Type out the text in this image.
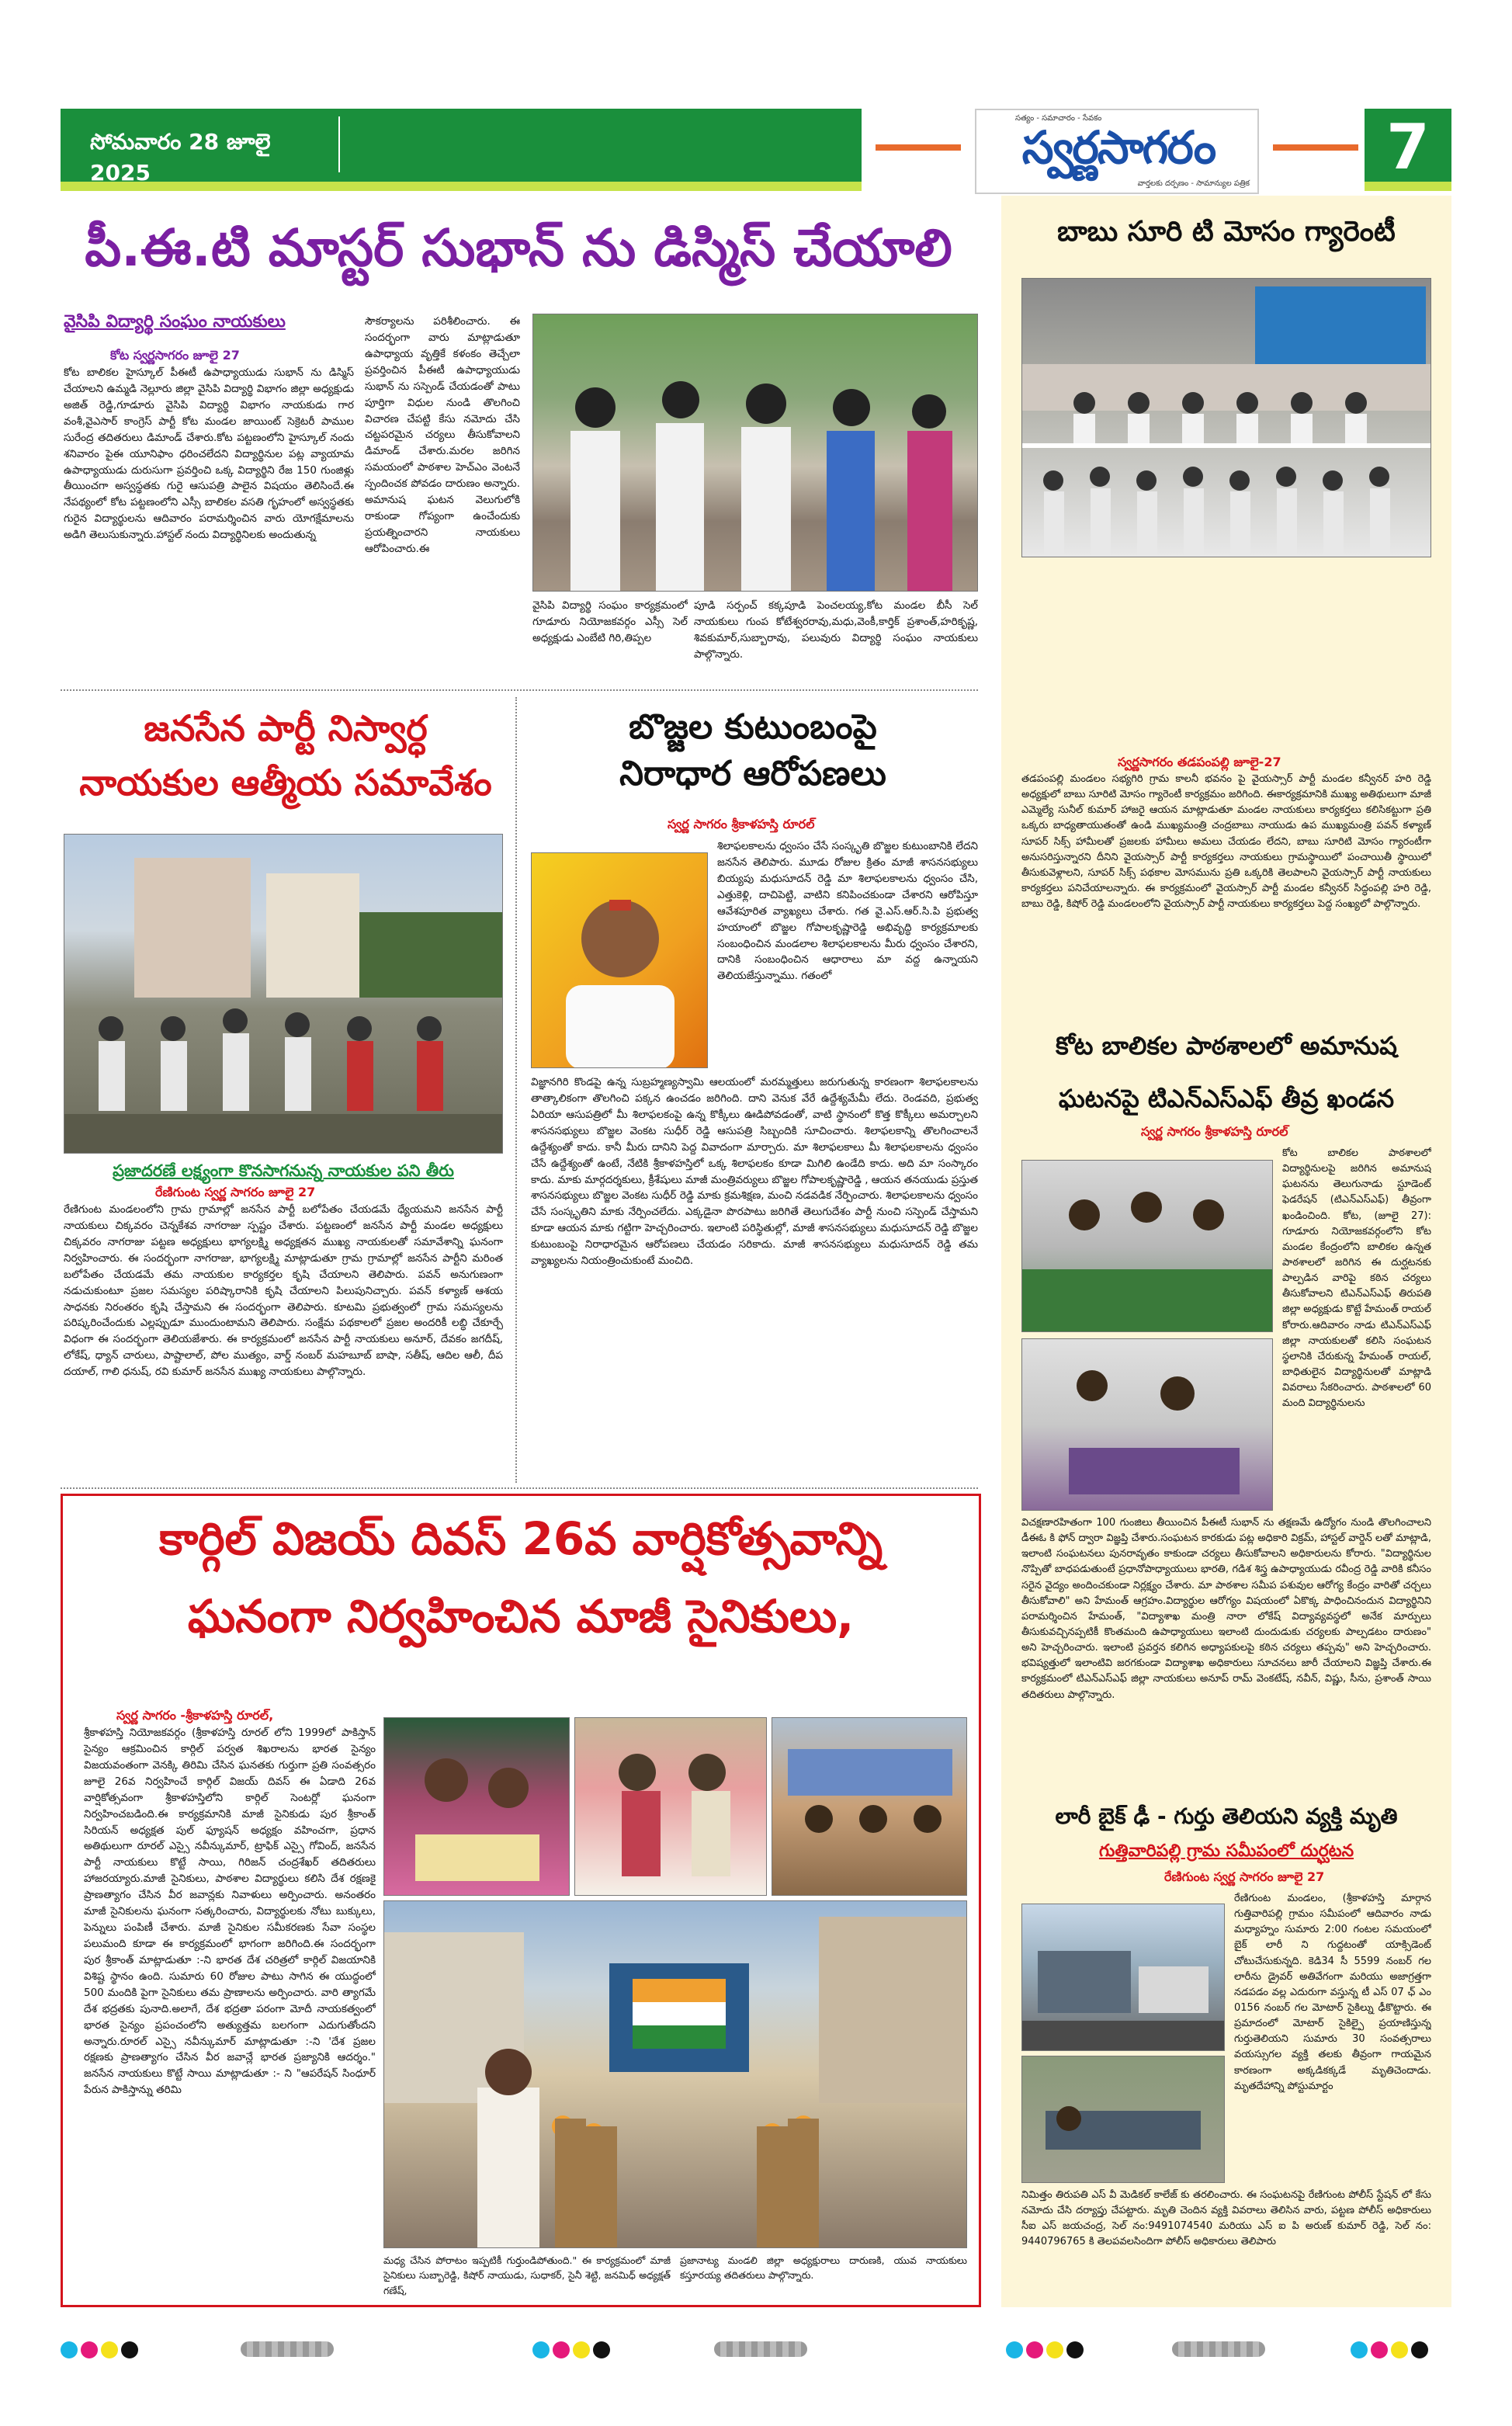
సోమవారం 28 జూలై 2025
సత్యం - సమాచారం - సేవకం
స్వర్ణసాగరం
వార్తలకు దర్పణం - సామాన్యుల పత్రిక
7
పీ.ఈ.టి మాస్టర్ సుభాన్ ను డిస్మిస్ చేయాలి
వైసిపి విద్యార్థి సంఘం నాయకులు
కోట స్వర్ణసాగరం జూలై 27
కోట బాలికల హైస్కూల్ పీఈటీ ఉపాధ్యాయుడు సుభాన్ ను డిస్మిస్ చేయాలని ఉమ్మడి నెల్లూరు జిల్లా వైసిపి విద్యార్థి విభాగం జిల్లా అధ్యక్షుడు అజిత్ రెడ్డి,గూడూరు వైసిపి విద్యార్థి విభాగం నాయకుడు గార వంశీ,వైఎసార్ కాంగ్రెస్ పార్టీ కోట మండల జాయింట్ సెక్రెటరీ పాముల సురేంద్ర తదితరులు డిమాండ్ చేశారు.కోట పట్టణంలోని హైస్కూల్ నందు శనివారం పైఈ యూనిఫాం ధరించలేదని విద్యార్థినుల పట్ల వ్యాయామ ఉపాధ్యాయుడు దురుసుగా ప్రవర్తించి ఒక్క విద్యార్థిని రేజ 150 గుంజిళ్లు తీయించగా అస్వస్థతకు గురై ఆసుపత్రి పాలైన విషయం తెలిసిందే.ఈ నేపథ్యంలో కోట పట్టణంలోని ఎస్సీ బాలికల వసతి గృహంలో అస్వస్థతకు గురైన విద్యార్థులను ఆదివారం పరామర్శించిన వారు యోగక్షేమాలను అడిగి తెలుసుకున్నారు.హాస్టల్ నందు విద్యార్థినిలకు అందుతున్న
సౌకర్యాలను పరిశీలించారు. ఈ సందర్భంగా వారు మాట్లాడుతూ ఉపాధ్యాయ వృత్తికే కళంకం తెచ్చేలా ప్రవర్తించిన పీఈటీ ఉపాధ్యాయుడు సుభాన్ ను సస్పెండ్ చేయడంతో పాటు పూర్తిగా విధుల నుండి తొలగించి విచారణ చేపట్టి కేసు నమోదు చేసి చట్టపరమైన చర్యలు తీసుకోవాలని డిమాండ్ చేశారు.మరల జరిగిన సమయంలో పాఠశాల హెచ్ఎం వెంటనే స్పందించక పోవడం దారుణం అన్నారు. అమానుష ఘటన వెలుగులోకి రాకుండా గోప్యంగా ఉంచేందుకు ప్రయత్నించారని నాయకులు ఆరోపించారు.ఈ
వైసిపి విద్యార్థి సంఘం కార్యక్రమంలో గూడూరు నియోజకవర్గం ఎస్సీ సెల్ అధ్యక్షుడు ఎంబేటి గిరి,తిప్పల
పూడి సర్పంచ్ కక్కపూడి పెంచలయ్య,కోట మండల బీసీ సెల్ నాయకులు గుంప కోటేశ్వరరావు,మధు,వెంకీ,కార్తిక్ ప్రశాంత్,హరికృష్ణ, శివకుమార్,సుబ్బారావు, పలువురు విద్యార్థి సంఘం నాయకులు పాల్గొన్నారు.
జనసేన పార్టీ నిస్వార్ధ
నాయకుల ఆత్మీయ సమావేశం
ప్రజాదరణే లక్ష్యంగా కొనసాగనున్న నాయకుల పని తీరు
రేణిగుంట స్వర్ణ సాగరం జూలై 27
రేణిగుంట మండలంలోని గ్రామ గ్రామాల్లో జనసేన పార్టీ బలోపేతం చేయడమే ధ్యేయమని జనసేన పార్టీ నాయకులు చిక్కవరం చెన్నకేశవ నాగరాజు స్పష్టం చేశారు. పట్టణంలో జనసేన పార్టీ మండల అధ్యక్షులు చిక్కవరం నాగరాజు పట్టణ అధ్యక్షులు భాగ్యలక్ష్మి అధ్యక్షతన ముఖ్య నాయకులతో సమావేశాన్ని ఘనంగా నిర్వహించారు. ఈ సందర్భంగా నాగరాజు, భాగ్యలక్ష్మి మాట్లాడుతూ గ్రామ గ్రామాల్లో జనసేన పార్టీని మరింత బలోపేతం చేయడమే తమ నాయకుల కార్యకర్తల కృషి చేయాలని తెలిపారు. పవన్ అనుగుణంగా నడుచుకుంటూ ప్రజల సమస్యల పరిష్కారానికి కృషి చేయాలని పిలుపునిచ్చారు. పవన్ కళ్యాణ్ ఆశయ సాధనకు నిరంతరం కృషి చేస్తామని ఈ సందర్భంగా తెలిపారు. కూటమి ప్రభుత్వంలో గ్రామ సమస్యలను పరిష్కరించేందుకు ఎల్లప్పుడూ ముందుంటామని తెలిపారు. సంక్షేమ పథకాలలో ప్రజల అందరికీ లబ్ధి చేకూర్చే విధంగా ఈ సందర్భంగా తెలియజేశారు. ఈ కార్యక్రమంలో జనసేన పార్టీ నాయకులు అనూర్, దేవకం జగదీష్, లోకేష్, ధ్యాన్ చారులు, పాష్టాలాల్, పోల ముత్యం, వార్డ్ నంబర్ మహబూబ్ బాషా, సతీష్, ఆదిల ఆలీ, దీప దయాల్, గాలి ధనుష్, రవి కుమార్ జనసేన ముఖ్య నాయకులు పాల్గొన్నారు.
బొజ్జల కుటుంబంపై
నిరాధార ఆరోపణలు
స్వర్ణ సాగరం శ్రీకాళహస్తి రూరల్
శిలాఫలకాలను ధ్వంసం చేసే సంస్కృతి బొజ్జల కుటుంబానికి లేదని జనసేన తెలిపారు. మూడు రోజుల క్రితం మాజీ శాసనసభ్యులు బియ్యపు మధుసూదన్ రెడ్డి మా శిలాఫలకాలను ధ్వంసం చేసి, ఎత్తుకెళ్లి, దాచిపెట్టి, వాటిని కనిపించకుండా చేశారని ఆరోపిస్తూ ఆవేశపూరిత వ్యాఖ్యలు చేశారు. గత వై.ఎస్.ఆర్.సి.పి ప్రభుత్వ హయాంలో బొజ్జల గోపాలకృష్ణారెడ్డి అభివృద్ధి కార్యక్రమాలకు సంబంధించిన మండలాల శిలాఫలకాలను మీరు ధ్వంసం చేశారని, దానికి సంబంధించిన ఆధారాలు మా వద్ద ఉన్నాయని తెలియజేస్తున్నాము. గతంలో
విజ్ఞానగిరి కొండపై ఉన్న సుబ్రహ్మణ్యస్వామి ఆలయంలో మరమ్మత్తులు జరుగుతున్న కారణంగా శిలాఫలకాలను తాత్కాలికంగా తొలగించి పక్కన ఉంచడం జరిగింది. దాని వెనుక వేరే ఉద్దేశ్యమేమీ లేదు. రెండవది, ప్రభుత్వ ఏరియా ఆసుపత్రిలో మీ శిలాఫలకంపై ఉన్న కొక్కీలు ఊడిపోవడంతో, వాటి స్థానంలో కొత్త కొక్కీలు అమర్చాలని శాసనసభ్యులు బొజ్జల వెంకట సుధీర్ రెడ్డి ఆసుపత్రి సిబ్బందికి సూచించారు. శిలాఫలకాన్ని తొలగించాలనే ఉద్దేశ్యంతో కాదు. కానీ మీరు దానిని పెద్ద వివాదంగా మార్చారు. మా శిలాఫలకాలు మీ శిలాఫలకాలను ధ్వంసం చేసే ఉద్దేశ్యంతో ఉంటే, నేటికి శ్రీకాళహస్తిలో ఒక్క శిలాఫలకం కూడా మిగిలి ఉండేది కాదు. అది మా సంస్కారం కాదు. మాకు మార్గదర్శకులు, క్రీశేషులు మాజీ మంత్రివర్యులు బొజ్జల గోపాలకృష్ణారెడ్డి , ఆయన తనయుడు ప్రస్తుత శాసనసభ్యులు బొజ్జల వెంకట సుధీర్ రెడ్డి మాకు క్రమశిక్షణ, మంచి నడవడిక నేర్పించారు. శిలాఫలకాలను ధ్వంసం చేసే సంస్కృతిని మాకు నేర్పించలేదు. ఎక్కడైనా పొరపాటు జరిగితే తెలుగుదేశం పార్టీ నుంచి సస్పెండ్ చేస్తామని కూడా ఆయన మాకు గట్టిగా హెచ్చరించారు. ఇలాంటి పరిస్థితుల్లో, మాజీ శాసనసభ్యులు మధుసూదన్ రెడ్డి బొజ్జల కుటుంబంపై నిరాధారమైన ఆరోపణలు చేయడం సరికాదు. మాజీ శాసనసభ్యులు మధుసూదన్ రెడ్డి తమ వ్యాఖ్యలను నియంత్రించుకుంటే మంచిది.
కార్గిల్ విజయ్ దివస్ 26వ వార్షికోత్సవాన్ని
ఘనంగా నిర్వహించిన మాజీ సైనికులు,
స్వర్ణ సాగరం -శ్రీకాళహస్తి రూరల్,
శ్రీకాళహస్తి నియోజకవర్గం (శ్రీకాళహస్తి రూరల్ లోని 1999లో పాకిస్తాన్ సైన్యం ఆక్రమించిన కార్గిల్ పర్వత శిఖరాలను భారత సైన్యం విజయవంతంగా వెనక్కి తిరిమి చేసిన ఘనతకు గుర్తుగా ప్రతి సంవత్సరం జూలై 26వ నిర్వహించే కార్గిల్ విజయ్ దివస్ ఈ ఏడాది 26వ వార్షికోత్సవంగా శ్రీకాళహస్తిలోని కార్గిల్ సెంటర్లో ఘనంగా నిర్వహించబడింది.ఈ కార్యక్రమానికి మాజీ సైనికుడు పుర శ్రీకాంత్ సిరియన్ అధ్యక్షత పుల్ ఫ్యూషన్ అధ్యక్షం వహించగా, ప్రధాన అతిథులుగా రూరల్ ఎస్సై నవీన్కుమార్, ట్రాఫిక్ ఎస్సై గోవింద్, జనసేన పార్టీ నాయకులు కొట్టే సాయి, గిరిజన్ చంద్రశేఖర్ తదితరులు హాజరయ్యారు.మాజీ సైనికులు, పాఠశాల విద్యార్థులు కలిసి దేశ రక్షణకై ప్రాణత్యాగం చేసిన వీర జవాన్లకు నివాళులు అర్పించారు. అనంతరం మాజీ సైనికులను ఘనంగా సత్కరించారు, విద్యార్థులకు నోటు బుక్కులు, పెన్నులు పంపిణీ చేశారు. మాజీ సైనికుల సమీకరణకు సేవా సంస్థల పలుమంది కూడా ఈ కార్యక్రమంలో భాగంగా జరిగింది.ఈ సందర్భంగా పుర శ్రీకాంత్ మాట్లాడుతూ :-ని భారత దేశ చరిత్రలో కార్గిల్ విజయానికి విశిష్ట స్థానం ఉంది. సుమారు 60 రోజుల పాటు సాగిన ఈ యుద్ధంలో 500 మందికి పైగా సైనికులు తమ ప్రాణాలను అర్పించారు. వారి త్యాగమే దేశ భద్రతకు పునాది.అలాగే, దేశ భద్రతా పరంగా మోదీ నాయకత్వంలో భారత సైన్యం ప్రపంచంలోని అత్యుత్తమ బలగంగా ఎదుగుతోందని అన్నారు.రూరల్ ఎస్సై నవీన్కుమార్ మాట్లాడుతూ :-ని 'దేశ ప్రజల రక్షణకు ప్రాణత్యాగం చేసిన వీర జవాన్లే భారత ప్రజ్యానికి ఆదర్శం." జనసేన నాయకులు కొట్టే సాయి మాట్లాడుతూ :- ని "ఆపరేషన్ సింధూర్ పేరున పాకిస్తాన్ను తరిమి
మధ్య చేసిన పోరాటం ఇప్పటికీ గుర్తుండిపోతుంది." ఈ కార్యక్రమంలో మాజీ సైనికులు సుబ్బారెడ్డి, కిషోర్ నాయుడు, సుధాకర్, సైనీ శెట్టి, జనమిధ్ అధ్యక్షత్ గణేష్,
ప్రజానాట్య మండలి జిల్లా అధ్యక్షురాలు దారుణకి, యువ నాయకులు కస్తూరయ్య తదితరులు పాల్గొన్నారు.
బాబు సూరి టి మోసం గ్యారెంటీ
స్వర్ణసాగరం తడపంపల్లి జూలై-27
తడపంపల్లి మండలం సభ్యగిరి గ్రామ కాలనీ భవనం పై వైయస్సార్ పార్టీ మండల కన్వీనర్ హరి రెడ్డి అధ్యక్షులో బాబు సూరిటి మోసం గ్యారెంటీ కార్యక్రమం జరిగింది. ఈకార్యక్రమానికి ముఖ్య అతిథులుగా మాజీ ఎమ్మెల్యే సునీల్ కుమార్ హాజరై ఆయన మాట్లాడుతూ మండల నాయకులు కార్యకర్తలు కలిసికట్టుగా ప్రతి ఒక్కరు బాధ్యతాయుతంతో ఉండి ముఖ్యమంత్రి చంద్రబాబు నాయుడు ఉప ముఖ్యమంత్రి పవన్ కళ్యాణ్ సూపర్ సిక్స్ హామీలతో ప్రజలకు హామీలు అమలు చేయడం లేదని, బాబు సూరిటి మోసం గ్యారంటీగా అనుసరిస్తున్నారని దీనిని వైయస్సార్ పార్టీ కార్యకర్తలు నాయకులు గ్రామస్థాయిలో పంచాయితీ స్థాయిలో తీసుకువెళ్లాలని, సూపర్ సిక్స్ పథకాల మోసమును ప్రతి ఒక్కరికి తెలపాలని వైయస్సార్ పార్టీ నాయకులు కార్యకర్తలు పనిచేయాలన్నారు. ఈ కార్యక్రమంలో వైయస్సార్ పార్టీ మండల కన్వీనర్ సిద్ధంపల్లి హరి రెడ్డి, బాబు రెడ్డి, కిషోర్ రెడ్డి మండలంలోని వైయస్సార్ పార్టీ నాయకులు కార్యకర్తలు పెద్ద సంఖ్యలో పాల్గొన్నారు.
కోట బాలికల పాఠశాలలో అమానుష
ఘటనపై టిఎన్ఎస్ఎఫ్ తీవ్ర ఖండన
స్వర్ణ సాగరం శ్రీకాళహస్తి రూరల్
కోట బాలికల పాఠశాలలో విద్యార్థినులపై జరిగిన అమానుష ఘటనను తెలుగునాడు స్టూడెంట్ ఫెడరేషన్ (టిఎన్ఎస్ఎఫ్) తీవ్రంగా ఖండించింది. కోట, (జూలై 27): గూడూరు నియోజకవర్గంలోని కోట మండల కేంద్రంలోని బాలికల ఉన్నత పాఠశాలలో జరిగిన ఈ దుర్ఘటనకు పాల్పడిన వారిపై కఠిన చర్యలు తీసుకోవాలని టిఎన్ఎస్ఎఫ్ తిరుపతి జిల్లా అధ్యక్షుడు కొట్టే హేమంత్ రాయల్ కోరారు.ఆదివారం నాడు టిఎన్ఎస్ఎఫ్ జిల్లా నాయకులతో కలిసి సంఘటన స్థలానికి చేరుకున్న హేమంత్ రాయల్, బాధితులైన విద్యార్థినులతో మాట్లాడి వివరాలు సేకరించారు. పాఠశాలలో 60 మంది విద్యార్థినులను
విచక్షణారహితంగా 100 గుంజిలు తీయించిన పీఈటీ సుభాన్ ను తక్షణమే ఉద్యోగం నుండి తొలగించాలని డీఈఓ కి ఫోన్ ద్వారా విజ్ఞప్తి చేశారు.సంఘటన కారకుడు పట్ల అధికారి విక్రమ్, హాస్టల్ వార్డెన్ లతో మాట్లాడి, ఇలాంటి సంఘటనలు పునరావృతం కాకుండా చర్యలు తీసుకోవాలని అధికారులను కోరారు. "విద్యార్థినుల నొప్పితో బాధపడుతుంటే ప్రధానోపాధ్యాయులు భారతి, గడిశ శిస్త్ర ఉపాధ్యాయుడు రవీంద్ర రెడ్డి వారికి కనీసం సరైన వైద్యం అందించకుండా నిర్లక్ష్యం చేశారు. మా పాఠశాల సమీప పశువుల ఆరోగ్య కేంద్రం వారితో చర్చలు తీసుకోవాలి" అని హేమంత్ ఆగ్రహం.విద్యార్థుల ఆరోగ్యం విషయంలో ఏకొక్క పాధించినందున విద్యార్థినిని పరామర్శించిన హేమంత్, "విద్యాశాఖ మంత్రి నారా లోకేష్ విద్యావ్యవస్థలో అనేక మార్పులు తీసుకువచ్చినప్పటికీ కొంతమంది ఉపాధ్యాయులు ఇలాంటి దుందుడుకు చర్యలకు పాల్పడటం దారుణం" అని హెచ్చరించారు. ఇలాంటి ప్రవర్తన కలిగిన అధ్యాపకులపై కఠిన చర్యలు తప్పవు" అని హెచ్చరించారు. భవిష్యత్తులో ఇలాంటివి జరగకుండా విద్యాశాఖ అధికారులు సూచనలు జారీ చేయాలని విజ్ఞప్తి చేశారు.ఈ కార్యక్రమంలో టిఎన్ఎస్ఎఫ్ జిల్లా నాయకులు అనూప్ రామ్ వెంకటేష్, నవీన్, విష్ణు, సీను, ప్రశాంత్ సాయి తదితరులు పాల్గొన్నారు.
లారీ బైక్ ఢీ - గుర్తు తెలియని వ్యక్తి మృతి
గుత్తివారిపల్లి గ్రామ సమీపంలో దుర్ఘటన
రేణిగుంట స్వర్ణ సాగరం జూలై 27
రేణిగుంట మండలం, (శ్రీకాళహస్తి మార్గాన గుత్తివారిపల్లి గ్రామం సమీపంలో ఆదివారం నాడు మధ్యాహ్నం సుమారు 2:00 గంటల సమయంలో బైక్ లారీ ని గుద్దటంతో యాక్సిడెంట్ చోటుచేసుకున్నది. కెడి34 సీ 5599 నంబర్ గల లారీను డ్రైవర్ అతివేగంగా మరియు అజాగ్రత్తగా నడపడం వల్ల ఎదురుగా వస్తున్న టీ ఎస్ 07 ఛ్ ఎం 0156 నంబర్ గల మోటార్ సైకిల్ను ఢీకొట్టారు. ఈ ప్రమాదంలో మోటార్ సైకిల్పై ప్రయాణిస్తున్న గుర్తుతెలియని సుమారు 30 సంవత్సరాలు వయస్సుగల వ్యక్తి తలకు తీవ్రంగా గాయమైన కారణంగా అక్కడికక్కడే మృతిచెందాడు. మృతదేహాన్ని పోస్టుమార్టం
నిమిత్తం తిరుపతి ఎస్ వీ మెడికల్ కాలేజ్ కు తరలించారు. ఈ సంఘటనపై రేణిగుంట పోలీస్ స్టేషన్ లో కేసు నమోదు చేసి దర్యాప్తు చేపట్టారు. మృతి చెందిన వ్యక్తి వివరాలు తెలిసిన వారు, పట్టణ పోలీస్ అధికారులు సీఐ ఎస్ జయచంద్ర, సెల్ నం:9491074540 మరియు ఎస్ ఐ పి అరుణ్ కుమార్ రెడ్డి, సెల్ నం: 9440796765 కి తెలపవలసిందిగా పోలీస్ అధికారులు తెలిపారు
